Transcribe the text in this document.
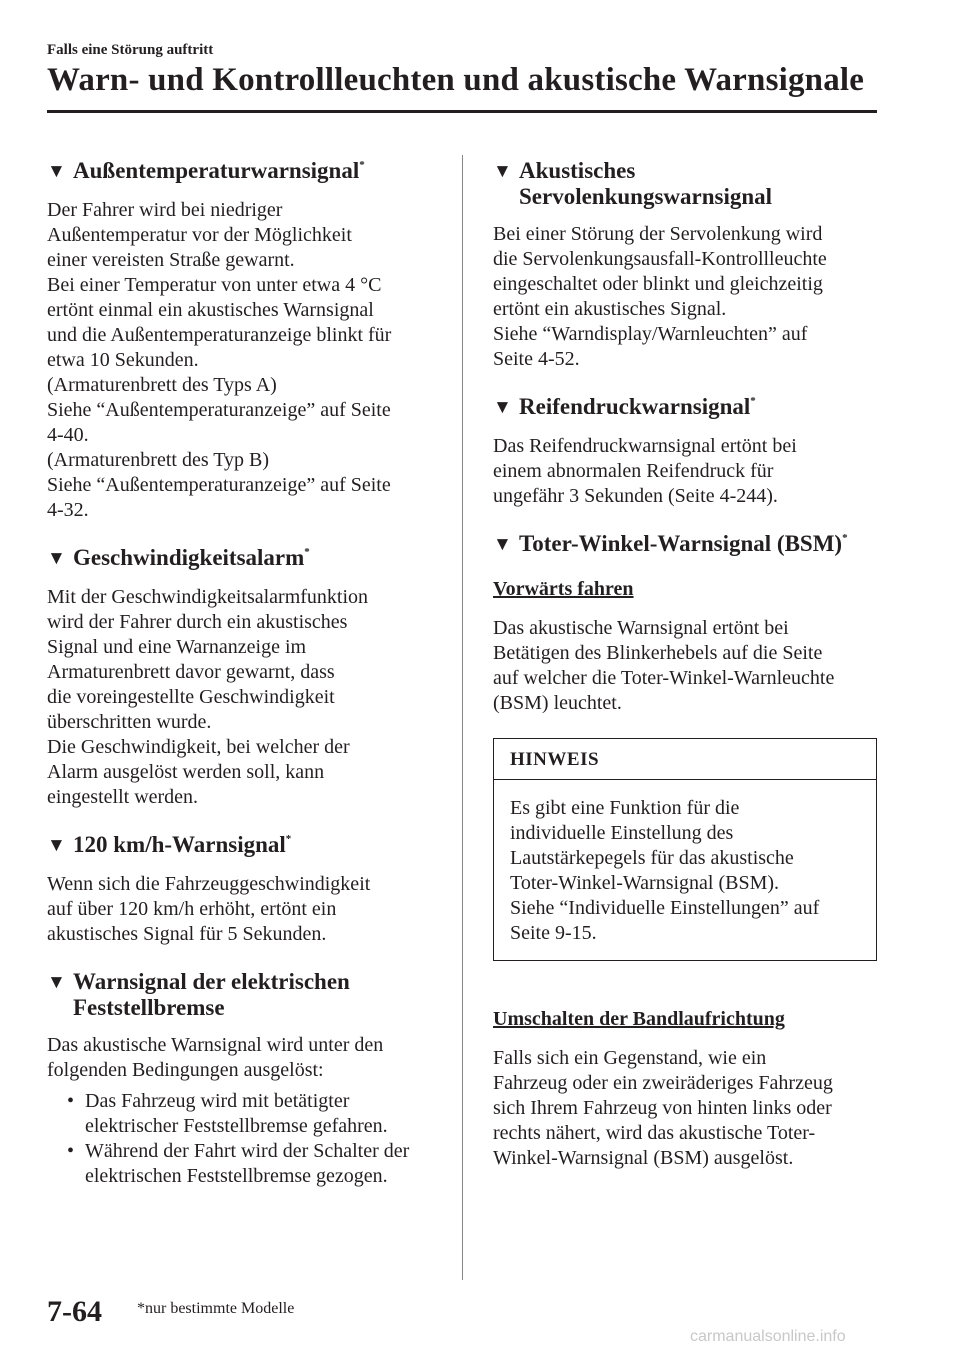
Falls eine Störung auftritt
Warn- und Kontrollleuchten und akustische Warnsignale
▼ Außentemperaturwarnsignal*
Der Fahrer wird bei niedriger
Außentemperatur vor der Möglichkeit
einer vereisten Straße gewarnt.
Bei einer Temperatur von unter etwa 4 °C
ertönt einmal ein akustisches Warnsignal
und die Außentemperaturanzeige blinkt für
etwa 10 Sekunden.
(Armaturenbrett des Typs A)
Siehe “Außentemperaturanzeige” auf Seite
4-40.
(Armaturenbrett des Typ B)
Siehe “Außentemperaturanzeige” auf Seite
4-32.
▼ Geschwindigkeitsalarm*
Mit der Geschwindigkeitsalarmfunktion
wird der Fahrer durch ein akustisches
Signal und eine Warnanzeige im
Armaturenbrett davor gewarnt, dass
die voreingestellte Geschwindigkeit
überschritten wurde.
Die Geschwindigkeit, bei welcher der
Alarm ausgelöst werden soll, kann
eingestellt werden.
▼ 120 km/h-Warnsignal*
Wenn sich die Fahrzeuggeschwindigkeit
auf über 120 km/h erhöht, ertönt ein
akustisches Signal für 5 Sekunden.
▼ Warnsignal der elektrischen
Feststellbremse
Das akustische Warnsignal wird unter den
folgenden Bedingungen ausgelöst:
• Das Fahrzeug wird mit betätigter
elektrischer Feststellbremse gefahren.
• Während der Fahrt wird der Schalter der
elektrischen Feststellbremse gezogen.
▼ Akustisches
Servolenkungswarnsignal
Bei einer Störung der Servolenkung wird
die Servolenkungsausfall-Kontrollleuchte
eingeschaltet oder blinkt und gleichzeitig
ertönt ein akustisches Signal.
Siehe “Warndisplay/Warnleuchten” auf
Seite 4-52.
▼ Reifendruckwarnsignal*
Das Reifendruckwarnsignal ertönt bei
einem abnormalen Reifendruck für
ungefähr 3 Sekunden (Seite 4-244).
▼ Toter-Winkel-Warnsignal (BSM)*
Vorwärts fahren
Das akustische Warnsignal ertönt bei
Betätigen des Blinkerhebels auf die Seite
auf welcher die Toter-Winkel-Warnleuchte
(BSM) leuchtet.
HINWEIS
Es gibt eine Funktion für die
individuelle Einstellung des
Lautstärkepegels für das akustische
Toter-Winkel-Warnsignal (BSM).
Siehe “Individuelle Einstellungen” auf
Seite 9-15.
Umschalten der Bandlaufrichtung
Falls sich ein Gegenstand, wie ein
Fahrzeug oder ein zweiräderiges Fahrzeug
sich Ihrem Fahrzeug von hinten links oder
rechts nähert, wird das akustische Toter-
Winkel-Warnsignal (BSM) ausgelöst.
7-64 *nur bestimmte Modelle
carmanualsonline.info
